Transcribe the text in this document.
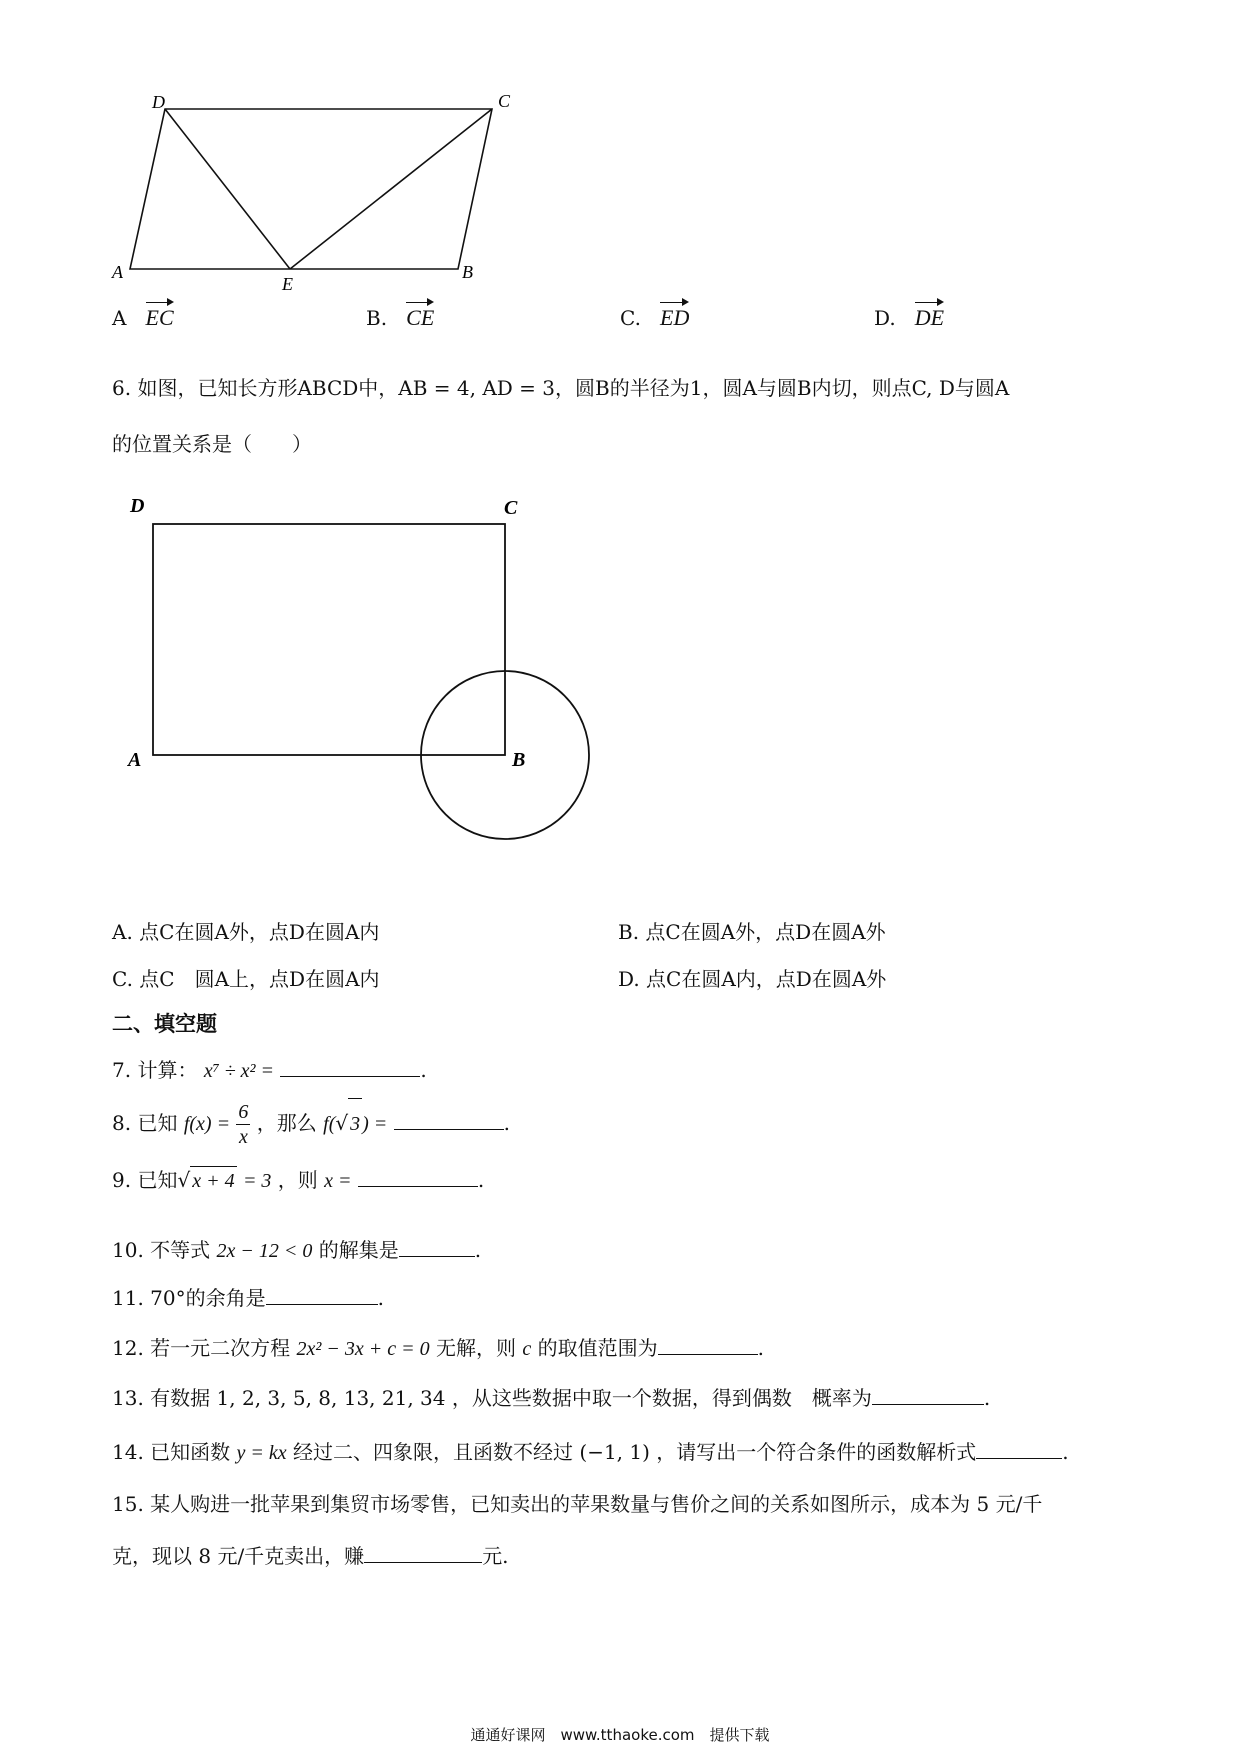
D	C
A	B
E
A EC	B. CE	C. ED	D. DE
6. 如图，已知长方形ABCD中，AB = 4, AD = 3，圆B的半径为1，圆A与圆B内切，则点C, D与圆A
的位置关系是（　　）
D	C
A	B
A. 点C在圆A外，点D在圆A内	B. 点C在圆A外，点D在圆A外
C. 点C　圆A上，点D在圆A内	D. 点C在圆A内，点D在圆A外
二、填空题
7. 计算： x⁷ ÷ x² =	.
8. 已知 $f(x) = \frac{6}{x}$ ，那么 f(√ 3 ) =	.
9. 已知√ x + 4 = 3 ，则 x =	.
10. 不等式 2x − 12 < 0 的解集是	.
11. 70°的余角是	.
12. 若一元二次方程 2x² − 3x + c = 0 无解，则 c 的取值范围为	.
13. 有数据 1, 2, 3, 5, 8, 13, 21, 34 ，从这些数据中取一个数据，得到偶数　概率为	.
14. 已知函数 y = kx 经过二、四象限，且函数不经过 (−1, 1) ，请写出一个符合条件的函数解析式	.
15. 某人购进一批苹果到集贸市场零售，已知卖出的苹果数量与售价之间的关系如图所示，成本为 5 元/千
克，现以 8 元/千克卖出，赚	元.
通通好课网　www.tthaoke.com　提供下载
